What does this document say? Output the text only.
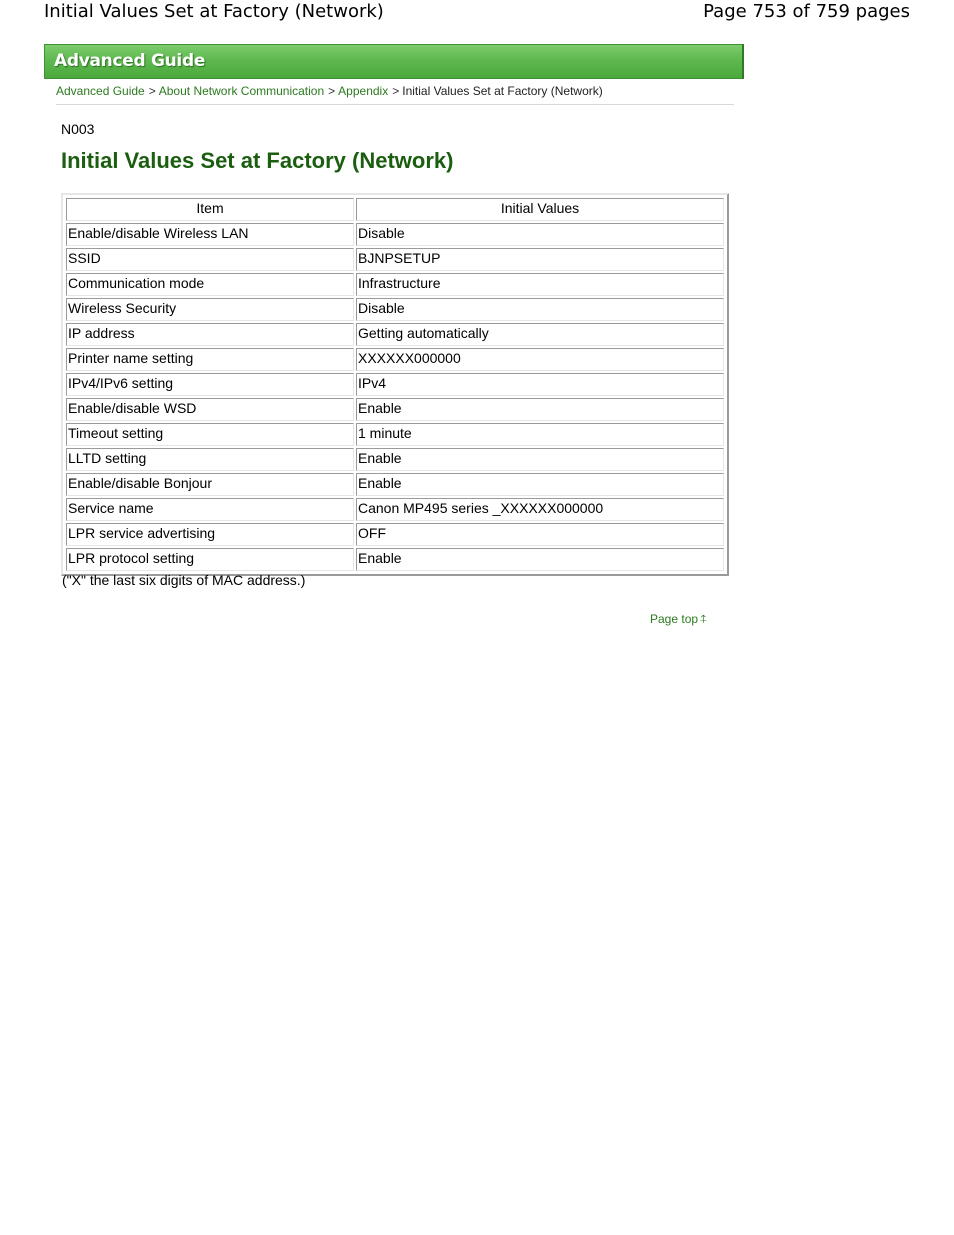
Initial Values Set at Factory (Network)	Page 753 of 759 pages
Advanced Guide
Advanced Guide > About Network Communication > Appendix > Initial Values Set at Factory (Network)
N003
Initial Values Set at Factory (Network)
Item	Initial Values
Enable/disable Wireless LAN	Disable
SSID	BJNPSETUP
Communication mode	Infrastructure
Wireless Security	Disable
IP address	Getting automatically
Printer name setting	XXXXXX000000
IPv4/IPv6 setting	IPv4
Enable/disable WSD	Enable
Timeout setting	1 minute
LLTD setting	Enable
Enable/disable Bonjour	Enable
Service name	Canon MP495 series _XXXXXX000000
LPR service advertising	OFF
LPR protocol setting	Enable
("X" the last six digits of MAC address.)
Page top ⍏
